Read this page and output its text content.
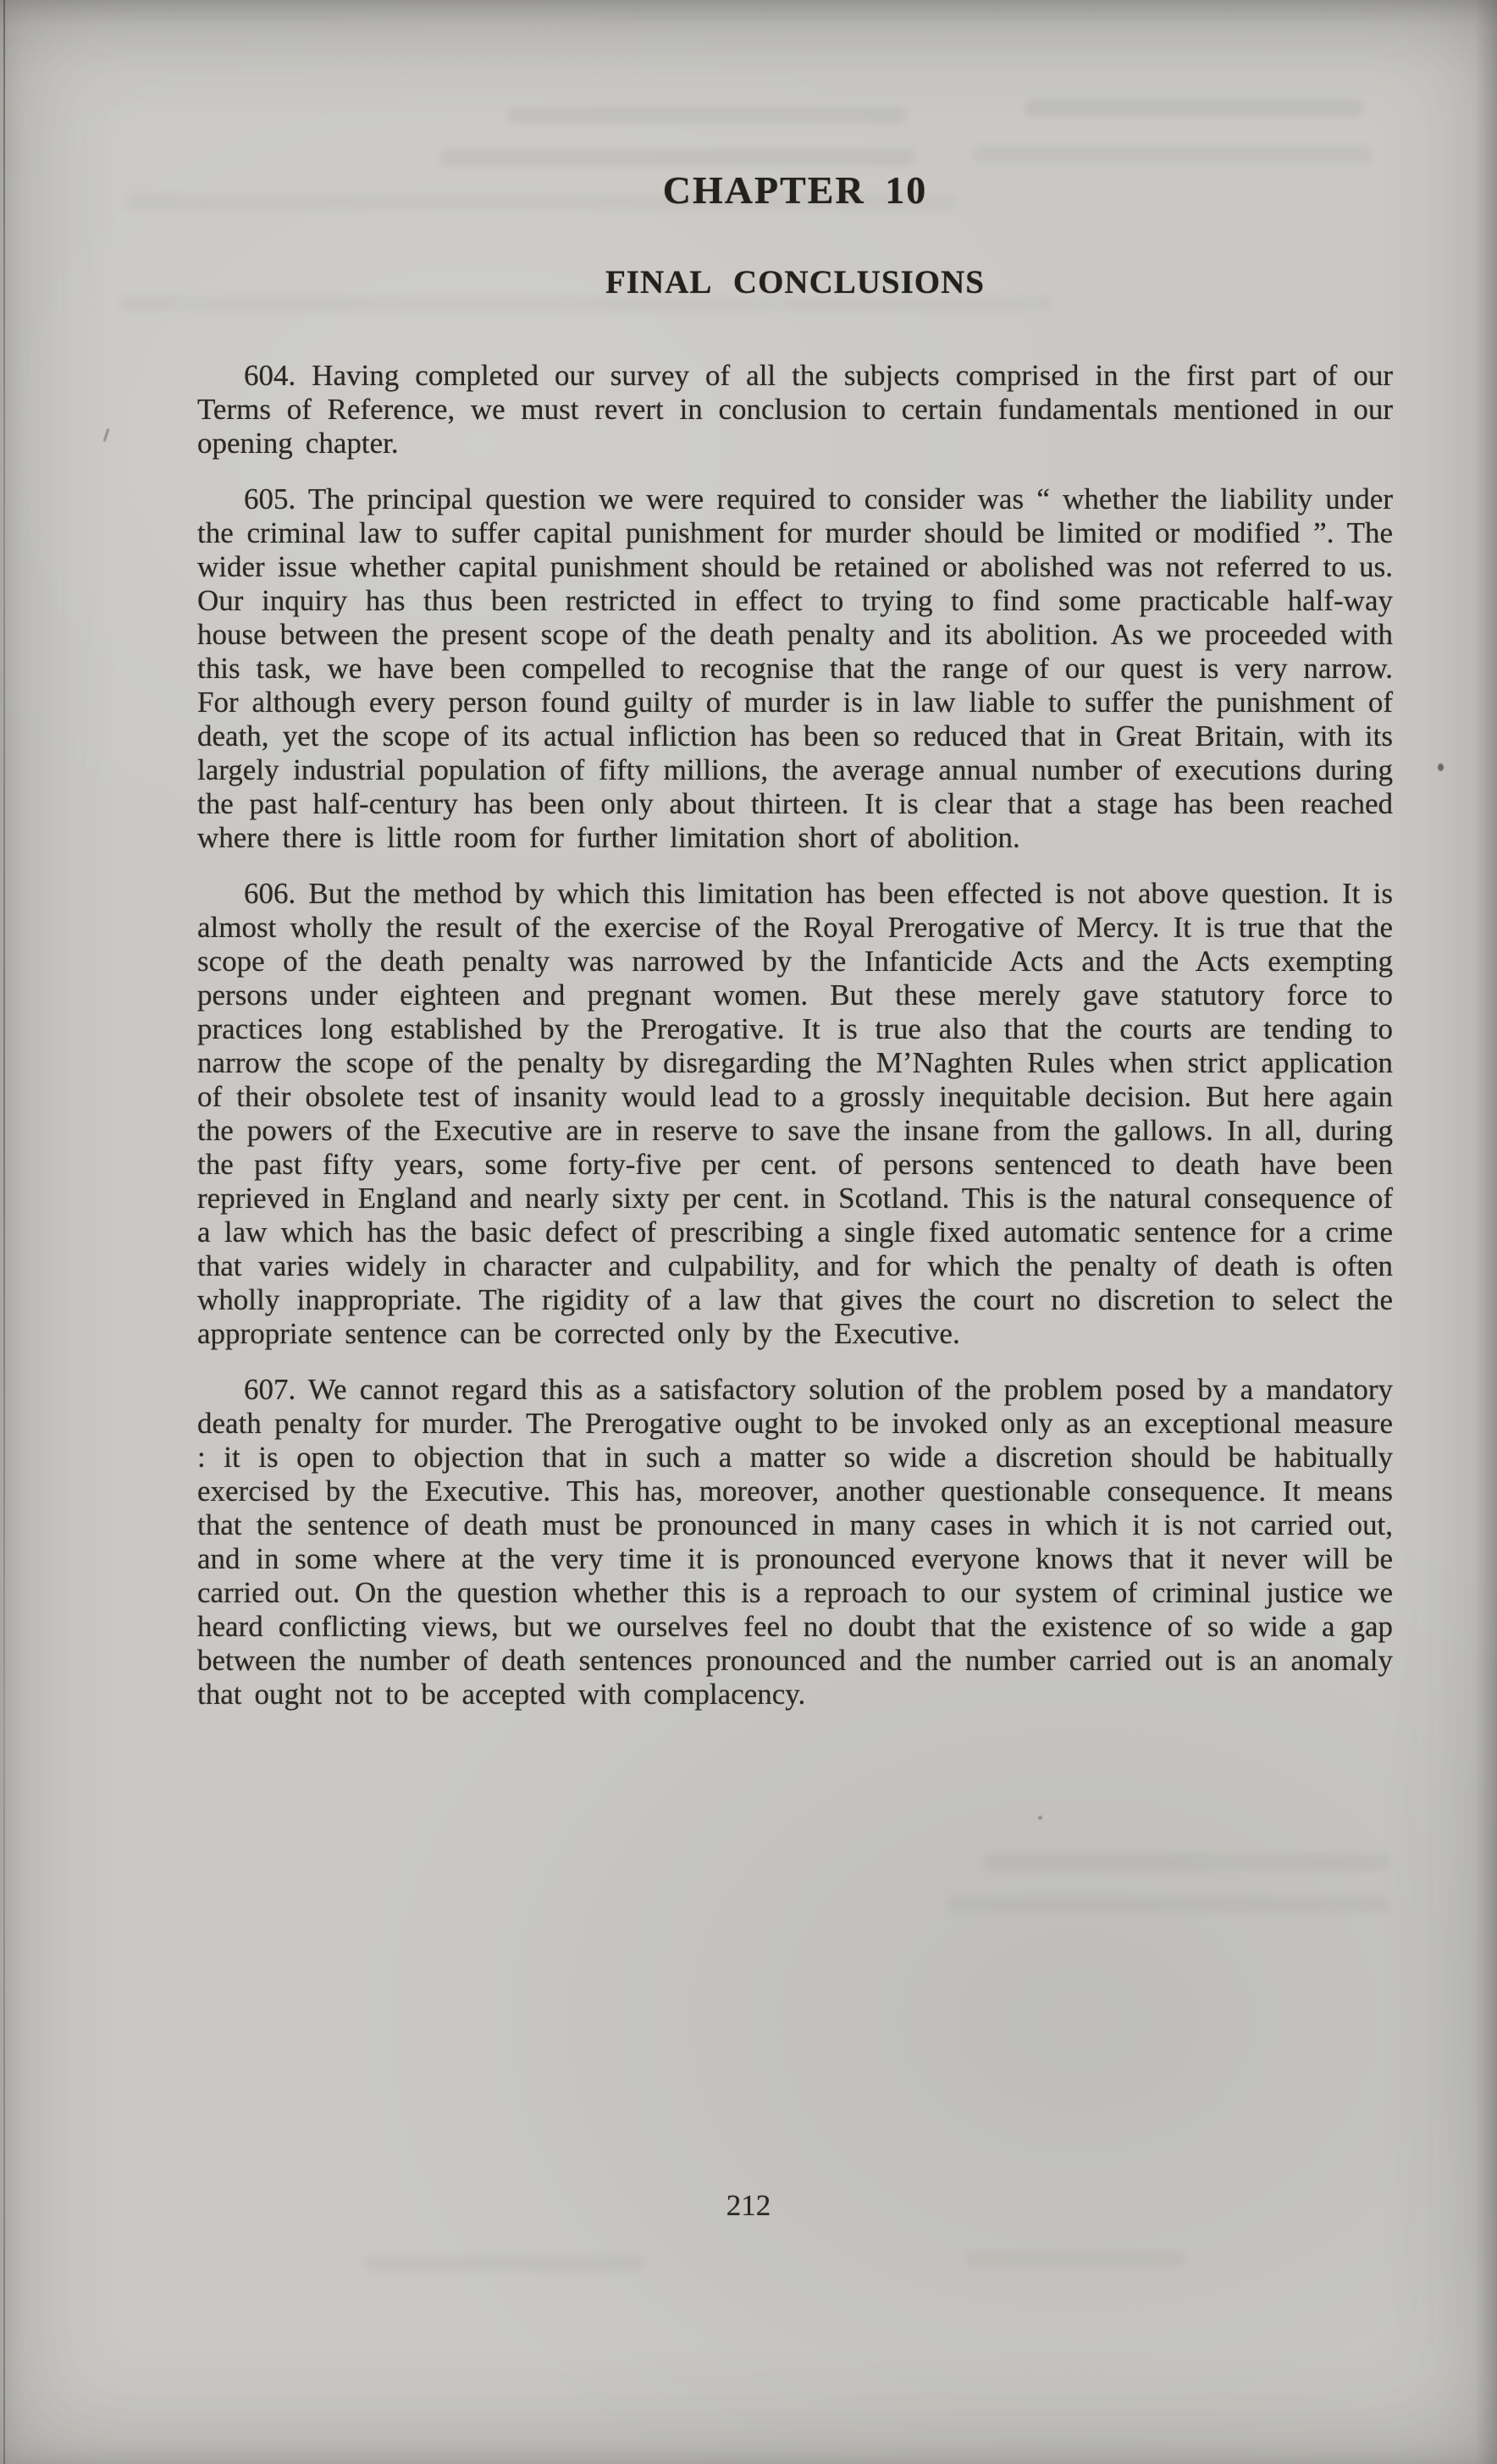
CHAPTER 10
FINAL CONCLUSIONS

604. Having completed our survey of all the subjects comprised in the first part of our Terms of Reference, we must revert in conclusion to certain fundamentals mentioned in our opening chapter.

605. The principal question we were required to consider was “ whether the liability under the criminal law to suffer capital punishment for murder should be limited or modified ”. The wider issue whether capital punishment should be retained or abolished was not referred to us. Our inquiry has thus been restricted in effect to trying to find some practicable half-way house between the present scope of the death penalty and its abolition. As we proceeded with this task, we have been compelled to recognise that the range of our quest is very narrow. For although every person found guilty of murder is in law liable to suffer the punishment of death, yet the scope of its actual infliction has been so reduced that in Great Britain, with its largely industrial population of fifty millions, the average annual number of executions during the past half-century has been only about thirteen. It is clear that a stage has been reached where there is little room for further limitation short of abolition.

606. But the method by which this limitation has been effected is not above question. It is almost wholly the result of the exercise of the Royal Prerogative of Mercy. It is true that the scope of the death penalty was narrowed by the Infanticide Acts and the Acts exempting persons under eighteen and pregnant women. But these merely gave statutory force to practices long established by the Prerogative. It is true also that the courts are tending to narrow the scope of the penalty by disregarding the M’Naghten Rules when strict application of their obsolete test of insanity would lead to a grossly inequitable decision. But here again the powers of the Executive are in reserve to save the insane from the gallows. In all, during the past fifty years, some forty-five per cent. of persons sentenced to death have been reprieved in England and nearly sixty per cent. in Scotland. This is the natural consequence of a law which has the basic defect of prescribing a single fixed automatic sentence for a crime that varies widely in character and culpability, and for which the penalty of death is often wholly inappropriate. The rigidity of a law that gives the court no discretion to select the appropriate sentence can be corrected only by the Executive.

607. We cannot regard this as a satisfactory solution of the problem posed by a mandatory death penalty for murder. The Prerogative ought to be invoked only as an exceptional measure : it is open to objection that in such a matter so wide a discretion should be habitually exercised by the Executive. This has, moreover, another questionable consequence. It means that the sentence of death must be pronounced in many cases in which it is not carried out, and in some where at the very time it is pronounced everyone knows that it never will be carried out. On the question whether this is a reproach to our system of criminal justice we heard conflicting views, but we ourselves feel no doubt that the existence of so wide a gap between the number of death sentences pronounced and the number carried out is an anomaly that ought not to be accepted with complacency.

212
